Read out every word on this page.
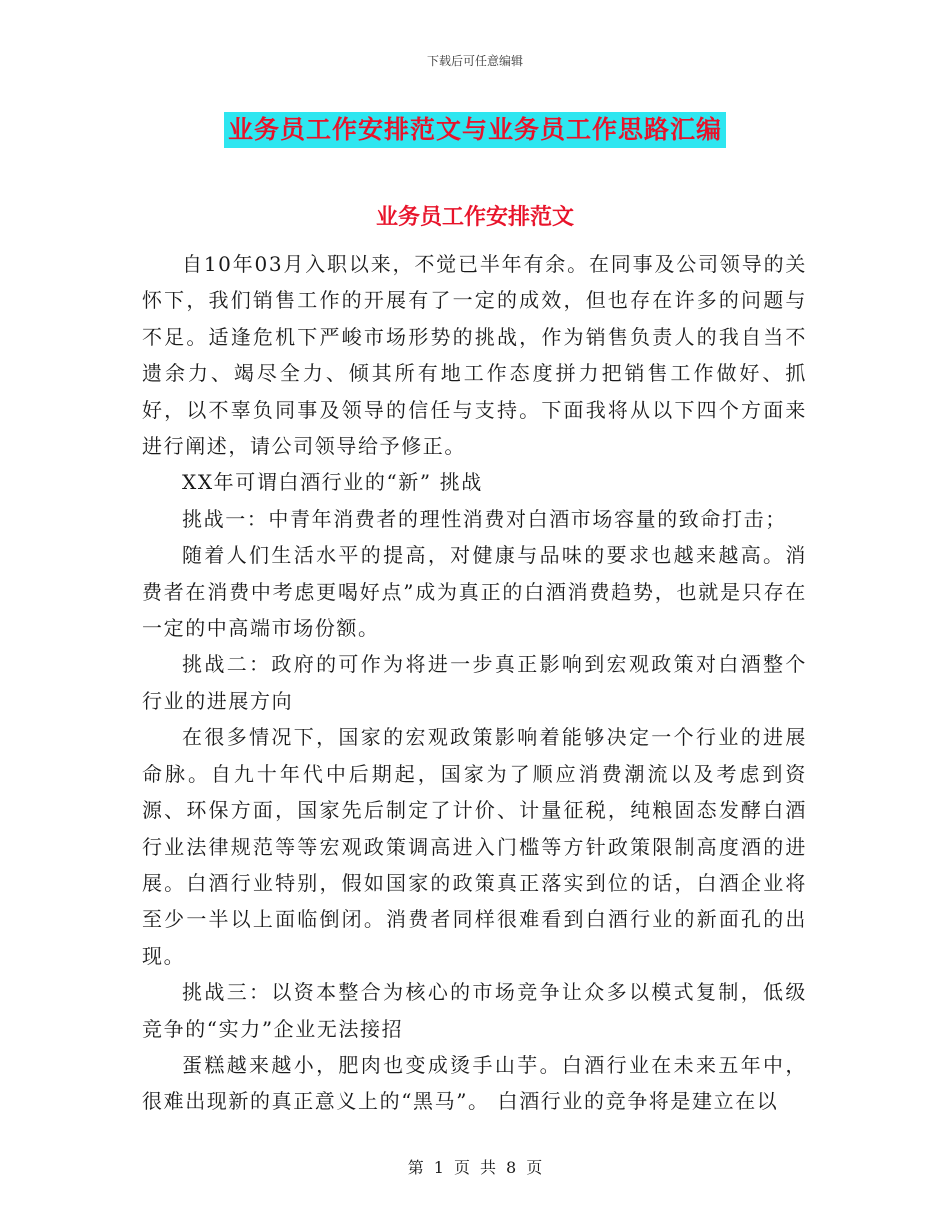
下载后可任意编辑
业务员工作安排范文与业务员工作思路汇编
业务员工作安排范文

自10年03月入职以来，不觉已半年有余。在同事及公司领导的关怀下，我们销售工作的开展有了一定的成效，但也存在许多的问题与不足。适逢危机下严峻市场形势的挑战，作为销售负责人的我自当不遗余力、竭尽全力、倾其所有地工作态度拼力把销售工作做好、抓好，以不辜负同事及领导的信任与支持。下面我将从以下四个方面来进行阐述，请公司领导给予修正。

XX年可谓白酒行业的“新” 挑战

挑战一：中青年消费者的理性消费对白酒市场容量的致命打击；

随着人们生活水平的提高，对健康与品味的要求也越来越高。消费者在消费中考虑更喝好点”成为真正的白酒消费趋势，也就是只存在一定的中高端市场份额。

挑战二：政府的可作为将进一步真正影响到宏观政策对白酒整个行业的进展方向

在很多情况下，国家的宏观政策影响着能够决定一个行业的进展命脉。自九十年代中后期起，国家为了顺应消费潮流以及考虑到资源、环保方面，国家先后制定了计价、计量征税，纯粮固态发酵白酒行业法律规范等等宏观政策调高进入门槛等方针政策限制高度酒的进展。白酒行业特别，假如国家的政策真正落实到位的话，白酒企业将至少一半以上面临倒闭。消费者同样很难看到白酒行业的新面孔的出现。

挑战三：以资本整合为核心的市场竞争让众多以模式复制，低级竞争的“实力”企业无法接招

蛋糕越来越小，肥肉也变成烫手山芋。白酒行业在未来五年中，很难出现新的真正意义上的“黑马”。 白酒行业的竞争将是建立在以

第 1 页 共 8 页
